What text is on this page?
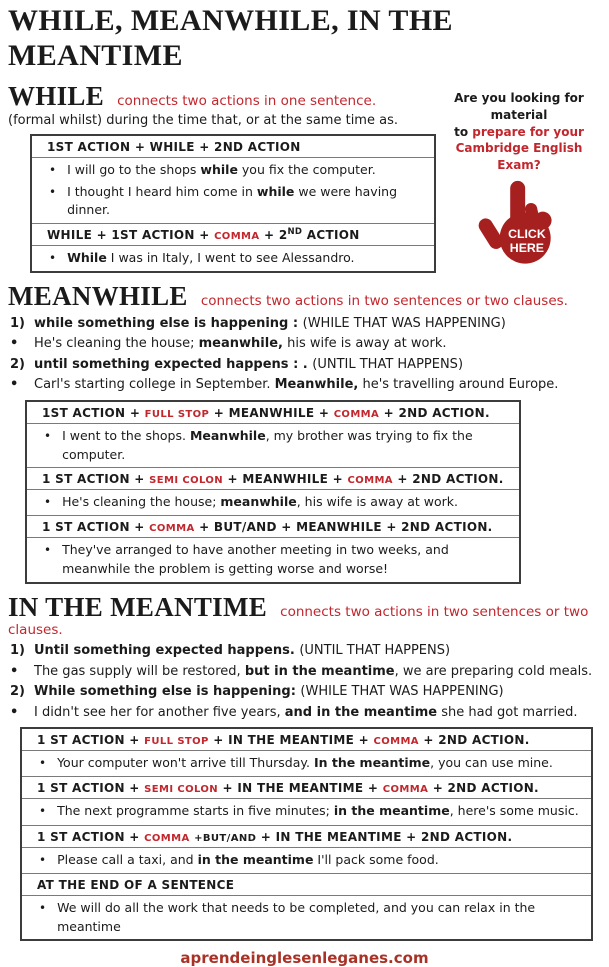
WHILE, MEANWHILE, IN THE MEANTIME
WHILE connects two actions in one sentence.

(formal whilst) during the time that, or at the same time as.

1ST ACTION + WHILE + 2ND ACTION
• I will go to the shops while you fix the computer.
• I thought I heard him come in while we were having dinner.
WHILE + 1ST ACTION + COMMA + 2ND ACTION
• While I was in Italy, I went to see Alessandro.
Are you looking for material
to prepare for your
Cambridge English Exam?
CLICK
HERE
MEANWHILE connects two actions in two sentences or two clauses.
1) while something else is happening : (WHILE THAT WAS HAPPENING)
•	He's cleaning the house; meanwhile, his wife is away at work.
2) until something expected happens : . (UNTIL THAT HAPPENS)
•	Carl's starting college in September. Meanwhile, he's travelling around Europe.
1ST ACTION + FULL STOP + MEANWHILE + COMMA + 2ND ACTION.
• I went to the shops. Meanwhile, my brother was trying to fix the computer.
1 ST ACTION + SEMI COLON + MEANWHILE + COMMA + 2ND ACTION.
• He's cleaning the house; meanwhile, his wife is away at work.
1 ST ACTION + COMMA + BUT/AND + MEANWHILE + 2ND ACTION.
• They've arranged to have another meeting in two weeks, and meanwhile the problem is getting worse and worse!
IN THE MEANTIME connects two actions in two sentences or two clauses.
1) Until something expected happens. (UNTIL THAT HAPPENS)
•	The gas supply will be restored, but in the meantime, we are preparing cold meals.
2) While something else is happening: (WHILE THAT WAS HAPPENING)
•	I didn't see her for another five years, and in the meantime she had got married.
1 ST ACTION + FULL STOP + IN THE MEANTIME + COMMA + 2ND ACTION.
• Your computer won't arrive till Thursday. In the meantime, you can use mine.
1 ST ACTION + SEMI COLON + IN THE MEANTIME + COMMA + 2ND ACTION.
• The next programme starts in five minutes; in the meantime, here's some music.
1 ST ACTION + COMMA +BUT/AND + IN THE MEANTIME + 2ND ACTION.
• Please call a taxi, and in the meantime I'll pack some food.
AT THE END OF A SENTENCE
• We will do all the work that needs to be completed, and you can relax in the meantime
aprendeinglesenleganes.com
